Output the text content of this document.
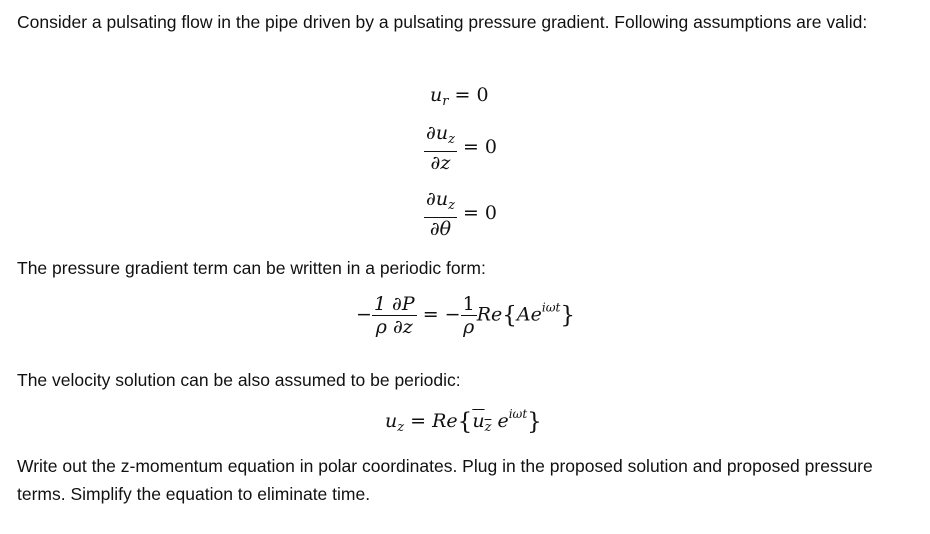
Consider a pulsating flow in the pipe driven by a pulsating pressure gradient. Following assumptions are valid:
$u_r = 0$
$\frac{\partial u_z}{\partial z} = 0$
$\frac{\partial u_z}{\partial\theta} = 0$
The pressure gradient term can be written in a periodic form:
− $\frac{1 \partial P}{\rho \partial z}$ = − $\frac{1}{\rho} Re\{Ae^{i\omega t}\}$
The velocity solution can be also assumed to be periodic:
$u_z = Re\{u_z$ $e^{i\omega t}$}
Write out the z-momentum equation in polar coordinates. Plug in the proposed solution and proposed pressure terms. Simplify the equation to eliminate time.
